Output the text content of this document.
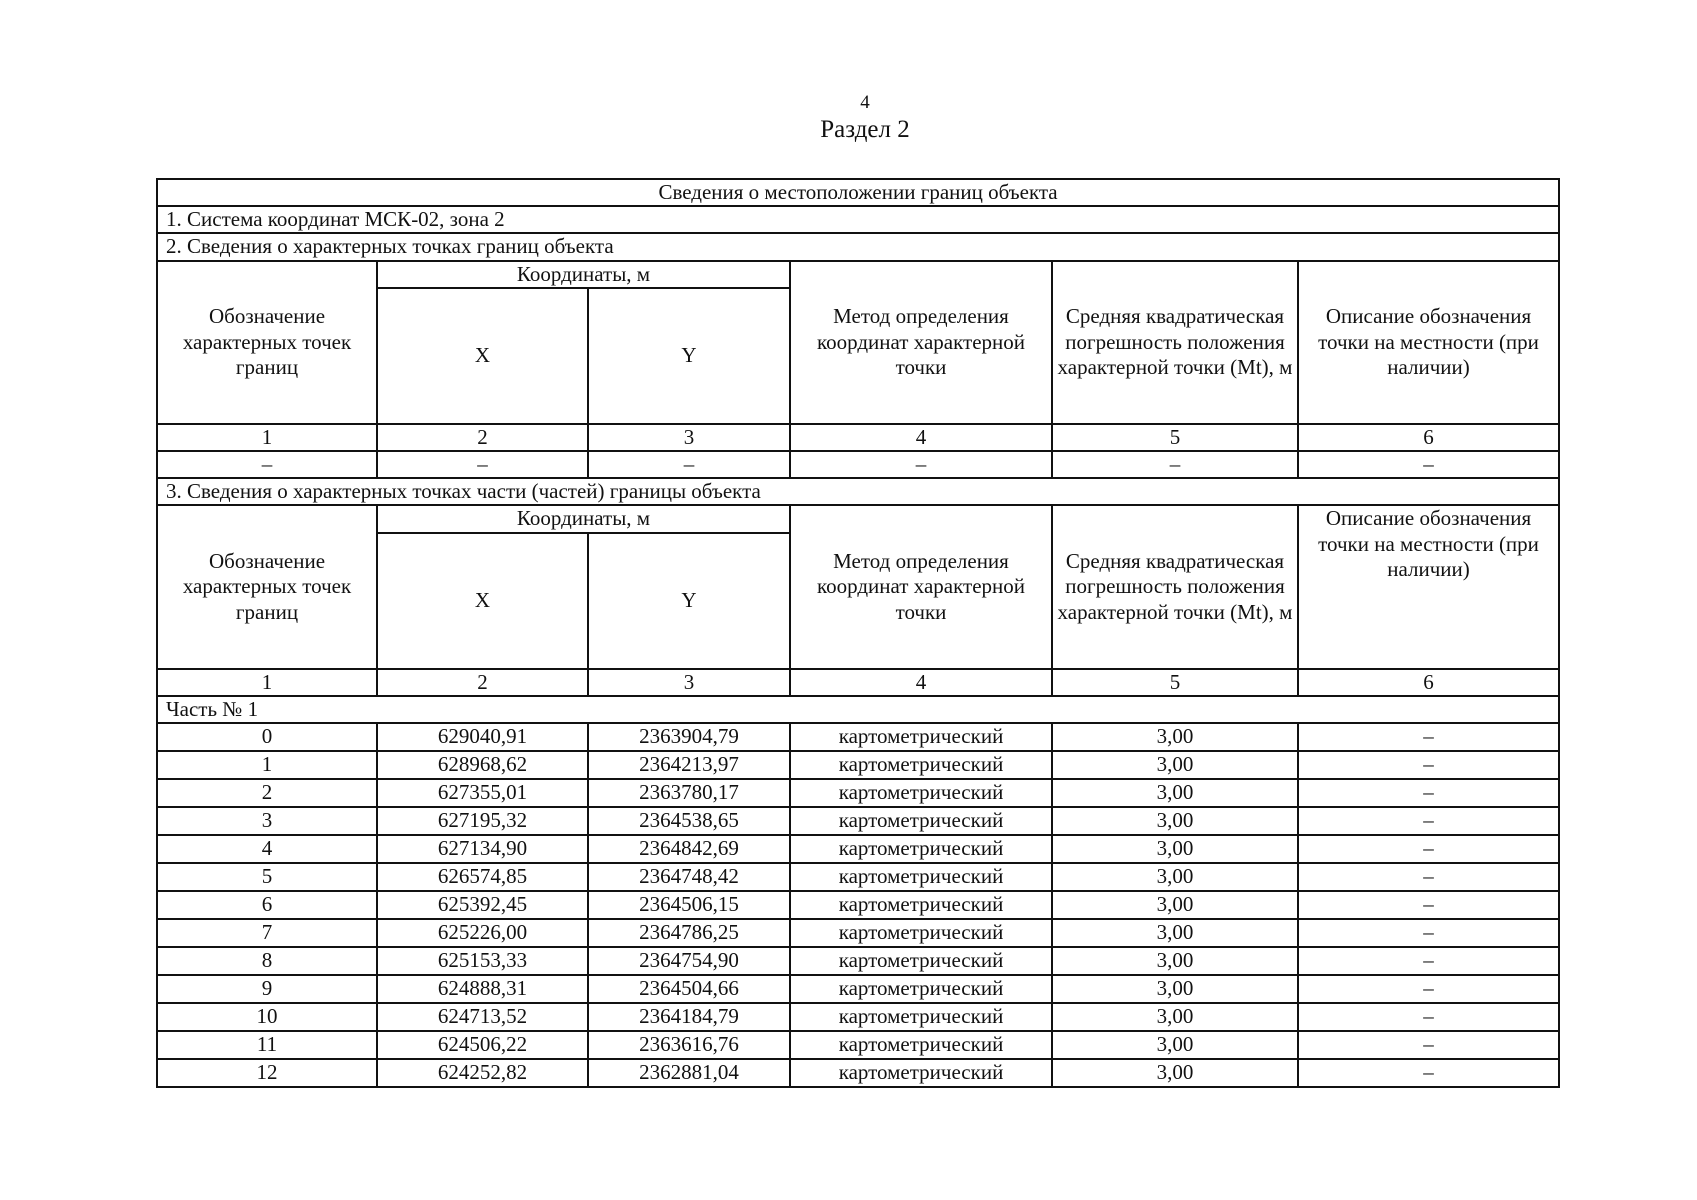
4
Раздел 2
Сведения о местоположении границ объекта					
1. Система координат МСК-02, зона 2					
2. Сведения о характерных точках границ объекта					
Обозначение характерных точек границ	Координаты, м		Метод определения координат характерной точки	Средняя квадратическая погрешность положения характерной точки (Mt), м	Описание обозначения точки на местности (при наличии)
	X	Y			
1	2	3	4	5	6
–	–	–	–	–	–
3. Сведения о характерных точках части (частей) границы объекта					
Обозначение характерных точек границ	Координаты, м		Метод определения координат характерной точки	Средняя квадратическая погрешность положения характерной точки (Mt), м	Описание обозначения точки на местности (при наличии)
	X	Y			
1	2	3	4	5	6
Часть № 1					
0	629040,91	2363904,79	картометрический	3,00	–
1	628968,62	2364213,97	картометрический	3,00	–
2	627355,01	2363780,17	картометрический	3,00	–
3	627195,32	2364538,65	картометрический	3,00	–
4	627134,90	2364842,69	картометрический	3,00	–
5	626574,85	2364748,42	картометрический	3,00	–
6	625392,45	2364506,15	картометрический	3,00	–
7	625226,00	2364786,25	картометрический	3,00	–
8	625153,33	2364754,90	картометрический	3,00	–
9	624888,31	2364504,66	картометрический	3,00	–
10	624713,52	2364184,79	картометрический	3,00	–
11	624506,22	2363616,76	картометрический	3,00	–
12	624252,82	2362881,04	картометрический	3,00	–
